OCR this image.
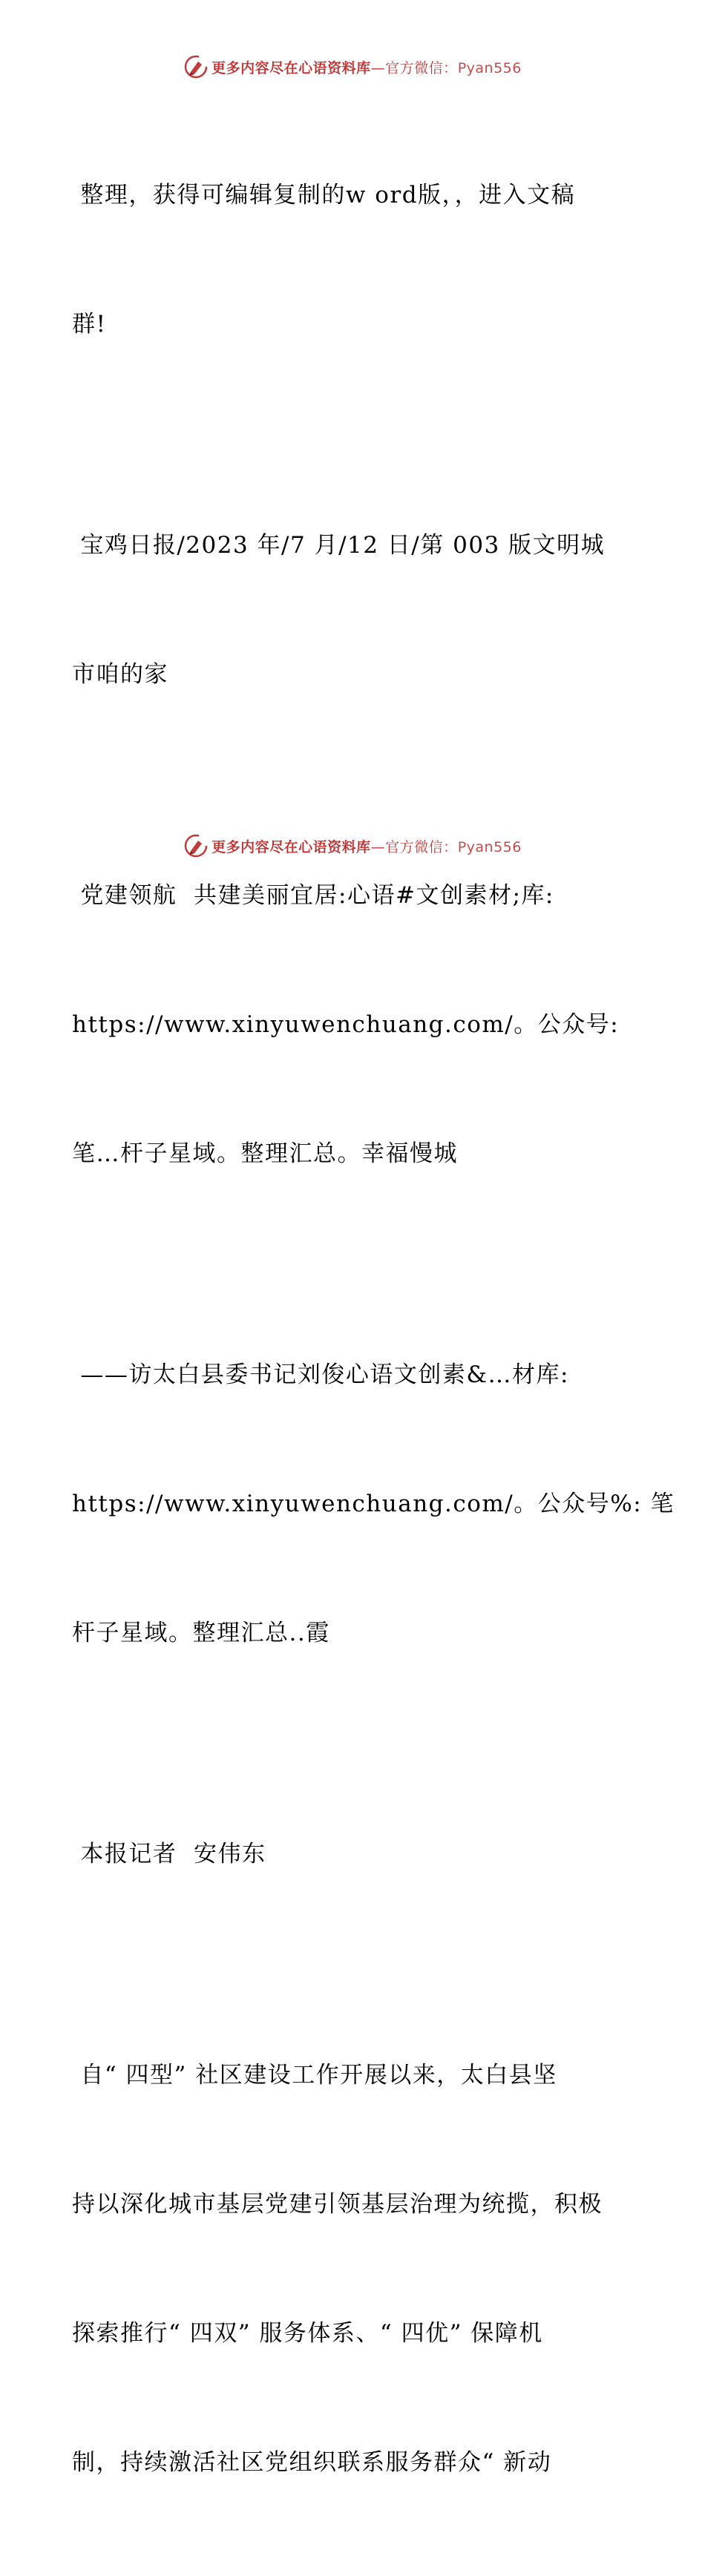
更多内容尽在心语资料库—官方微信：Pyan556

整理，获得可编辑复制的w ord版，，进入文稿

群!

宝鸡日报/2023 年/7 月/12 日/第 003 版文明城

市咱的家

党建领航  共建美丽宜居:心语#文创素材;库:

https://www.xinyuwenchuang.com/。公众号:

笔…杆子星域。整理汇总。幸福慢城

——访太白县委书记刘俊心语文创素&…材库:

https://www.xinyuwenchuang.com/。公众号%: 笔

杆子星域。整理汇总..霞

本报记者  安伟东

自“ 四型” 社区建设工作开展以来，太白县坚

持以深化城市基层党建引领基层治理为统揽，积极

探索推行“ 四双” 服务体系、“ 四优” 保障机

制，持续激活社区党组织联系服务群众“ 新动

更多内容尽在心语资料库—官方微信：Pyan556
